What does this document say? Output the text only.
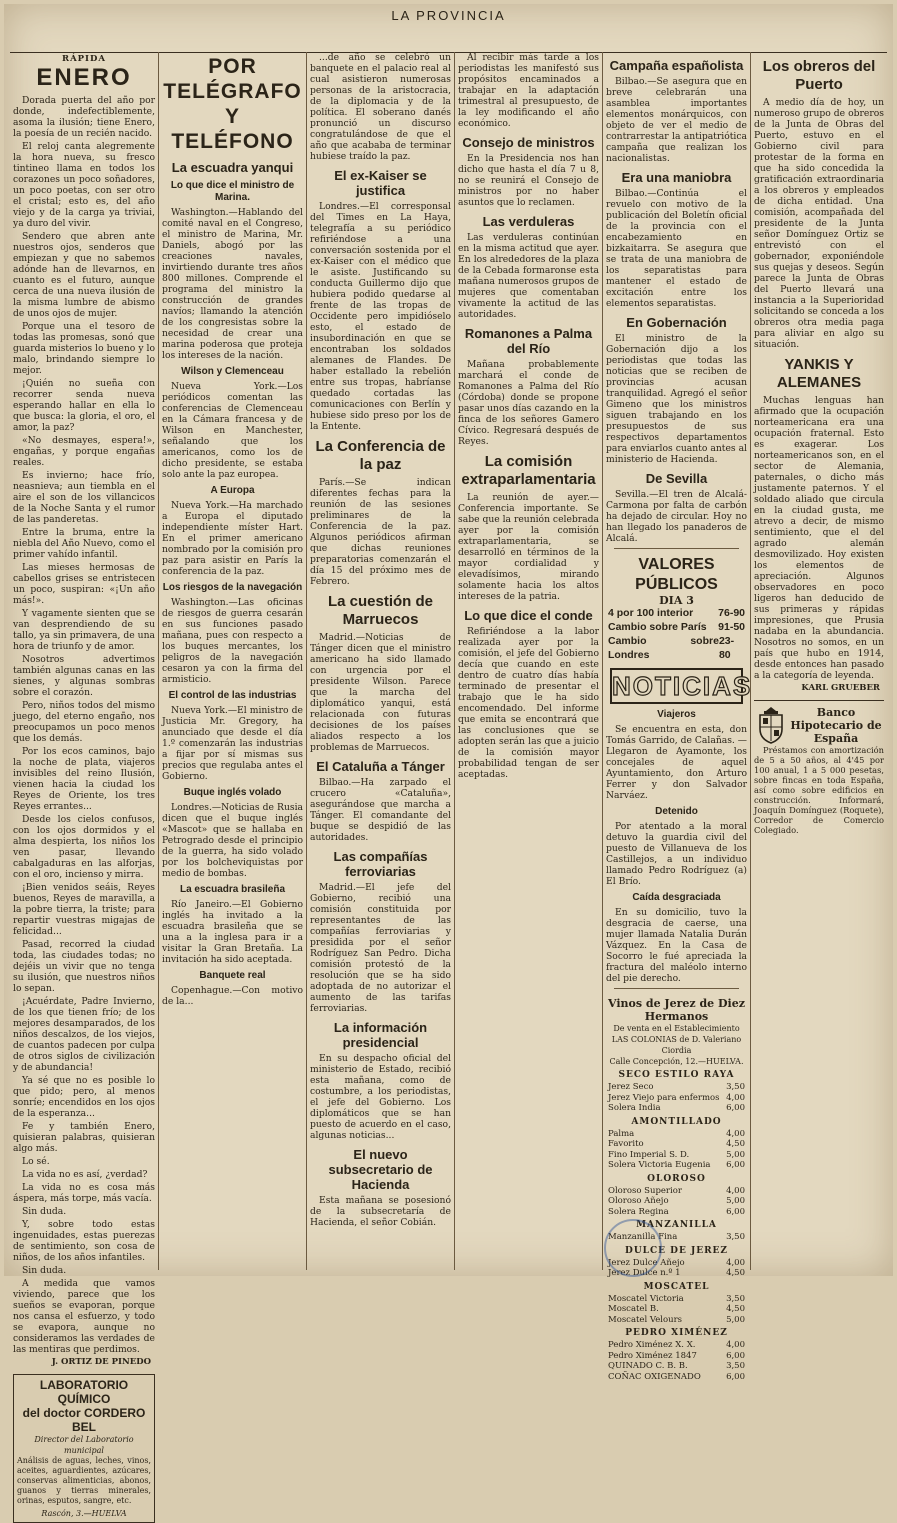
LA PROVINCIA
RÁPIDA
ENERO

Dorada puerta del año por donde, indefectiblemente, asoma la ilusión; tiene Enero, la poesía de un recién nacido.

El reloj canta alegremente la hora nueva, su fresco tintineo llama en todos los corazones un poco soñadores, un poco poetas, con ser otro el cristal; esto es, del año viejo y de la carga ya triviai, ya duro del vivir.

Sendero que abren ante nuestros ojos, senderos que empiezan y que no sabemos adónde han de llevarnos, en cuanto es el futuro, aunque cerca de una nueva ilusión de la misma lumbre de abismo de unos ojos de mujer.

Porque una el tesoro de todas las promesas, sonó que guarda misterios lo bueno y lo malo, brindando siempre lo mejor.

¡Quién no sueña con recorrer senda nueva esperando hallar en ella lo que busca: la gloria, el oro, el amor, la paz?

«No desmayes, espera!», engañas, y porque engañas reales.

Es invierno; hace frío, neasnieva; aun tiembla en el aire el son de los villancicos de la Noche Santa y el rumor de las panderetas.

Entre la bruma, entre la niebla del Año Nuevo, como el primer vahído infantil.

Las mieses hermosas de cabellos grises se entristecen un poco, suspiran: «¡Un año más!».

Y vagamente sienten que se van desprendiendo de su tallo, ya sin primavera, de una hora de triunfo y de amor.

Nosotros advertimos también algunas canas en las sienes, y algunas sombras sobre el corazón.

Pero, niños todos del mismo juego, del eterno engaño, nos preocupamos un poco menos que los demás.

Por los ecos caminos, bajo la noche de plata, viajeros invisibles del reino Ilusión, vienen hacia la ciudad los Reyes de Oriente, los tres Reyes errantes...

Desde los cielos confusos, con los ojos dormidos y el alma despierta, los niños los ven pasar, llevando cabalgaduras en las alforjas, con el oro, incienso y mirra.

¡Bien venidos seáis, Reyes buenos, Reyes de maravilla, a la pobre tierra, la triste; para repartir vuestras migajas de felicidad...

Pasad, recorred la ciudad toda, las ciudades todas; no dejéis un vivir que no tenga su ilusión, que nuestros niños lo sepan.

¡Acuérdate, Padre Invierno, de los que tienen frío; de los mejores desamparados, de los niños descalzos, de los viejos, de cuantos padecen por culpa de otros siglos de civilización y de abundancia!

Ya sé que no es posible lo que pido; pero, al menos sonríe; encendidos en los ojos de la esperanza...

Fe y también Enero, quisieran palabras, quisieran algo más.

Lo sé.

La vida no es así, ¿verdad?

La vida no es cosa más áspera, más torpe, más vacía.

Sin duda.

Y, sobre todo estas ingenuidades, estas puerezas de sentimiento, son cosa de niños, de los años infantiles.

Sin duda.

A medida que vamos viviendo, parece que los sueños se evaporan, porque nos cansa el esfuerzo, y todo se evapora, aunque no consideramos las verdades de las mentiras que perdimos.

J. ORTIZ DE PINEDO
LABORATORIO QUÍMICO
del doctor CORDERO BEL
Director del Laboratorio municipal

Análisis de aguas, leches, vinos, aceites, aguardientes, azúcares, conservas alimenticias, abonos, guanos y tierras minerales, orinas, esputos, sangre, etc.

Rascón, 3.—HUELVA
POR TELÉGRAFO
Y TELÉFONO
La escuadra yanqui
Lo que dice el ministro de Marina.

Washington.—Hablando del comité naval en el Congreso, el ministro de Marina, Mr. Daniels, abogó por las creaciones navales, invirtiendo durante tres años 800 millones. Comprende el programa del ministro la construcción de grandes navíos; llamando la atención de los congresistas sobre la necesidad de crear una marina poderosa que proteja los intereses de la nación.

Wilson y Clemenceau

Nueva York.—Los periódicos comentan las conferencias de Clemenceau en la Cámara francesa y de Wilson en Manchester, señalando que los americanos, como los de dicho presidente, se estaba solo ante la paz europea.

A Europa

Nueva York.—Ha marchado a Europa el diputado independiente míster Hart. En el primer americano nombrado por la comisión pro paz para asistir en París la conferencia de la paz.

Los riesgos de la navegación

Washington.—Las oficinas de riesgos de guerra cesarán en sus funciones pasado mañana, pues con respecto a los buques mercantes, los peligros de la navegación cesaron ya con la firma del armisticio.

El control de las industrias

Nueva York.—El ministro de Justicia Mr. Gregory, ha anunciado que desde el día 1.º comenzarán las industrias a fijar por sí mismas sus precios que regulaba antes el Gobierno.

Buque inglés volado

Londres.—Noticias de Rusia dicen que el buque inglés «Mascot» que se hallaba en Petrogrado desde el principio de la guerra, ha sido volado por los bolcheviquistas por medio de bombas.

La escuadra brasileña

Río Janeiro.—El Gobierno inglés ha invitado a la escuadra brasileña que se una a la inglesa para ir a visitar la Gran Bretaña. La invitación ha sido aceptada.

Banquete real

Copenhague.—Con motivo de la...

...de año se celebró un banquete en el palacio real al cual asistieron numerosas personas de la aristocracia, de la diplomacia y de la política. El soberano danés pronunció un discurso congratulándose de que el año que acababa de terminar hubiese traído la paz.

El ex-Kaiser se justifica

Londres.—El corresponsal del Times en La Haya, telegrafía a su periódico refiriéndose a una conversación sostenida por el ex-Kaiser con el médico que le asiste. Justificando su conducta Guillermo dijo que hubiera podido quedarse al frente de las tropas de Occidente pero impidióselo esto, el estado de insubordinación en que se encontraban los soldados alemanes de Flandes. De haber estallado la rebelión entre sus tropas, habríanse quedado cortadas las comunicaciones con Berlín y hubiese sido preso por los de la Entente.

La Conferencia de la paz

París.—Se indican diferentes fechas para la reunión de las sesiones preliminares de la Conferencia de la paz. Algunos periódicos afirman que dichas reuniones preparatorias comenzarán el día 15 del próximo mes de Febrero.

La cuestión de Marruecos

Madrid.—Noticias de Tánger dicen que el ministro americano ha sido llamado con urgencia por el presidente Wilson. Parece que la marcha del diplomático yanqui, está relacionada con futuras decisiones de los países aliados respecto a los problemas de Marruecos.

El Cataluña a Tánger

Bilbao.—Ha zarpado el crucero «Cataluña», asegurándose que marcha a Tánger. El comandante del buque se despidió de las autoridades.

Las compañías ferroviarias

Madrid.—El jefe del Gobierno, recibió una comisión constituida por representantes de las compañías ferroviarias y presidida por el señor Rodríguez San Pedro. Dicha comisión protestó de la resolución que se ha sido adoptada de no autorizar el aumento de las tarifas ferroviarias.

La información presidencial

En su despacho oficial del ministerio de Estado, recibió esta mañana, como de costumbre, a los periodistas, el jefe del Gobierno. Los diplomáticos que se han puesto de acuerdo en el caso, algunas noticias...

El nuevo subsecretario de Hacienda

Esta mañana se posesionó de la subsecretaría de Hacienda, el señor Cobián.

Al recibir más tarde a los periodistas les manifestó sus propósitos encaminados a trabajar en la adaptación trimestral al presupuesto, de la ley modificando el año económico.

Consejo de ministros

En la Presidencia nos han dicho que hasta el día 7 u 8, no se reunirá el Consejo de ministros por no haber asuntos que lo reclamen.

Las verduleras

Las verduleras continúan en la misma actitud que ayer. En los alrededores de la plaza de la Cebada formaronse esta mañana numerosos grupos de mujeres que comentaban vivamente la actitud de las autoridades.

Romanones a Palma del Río

Mañana probablemente marchará el conde de Romanones a Palma del Río (Córdoba) donde se propone pasar unos días cazando en la finca de los señores Gamero Cívico. Regresará después de Reyes.

La comisión extraparlamentaria

La reunión de ayer.—Conferencia importante. Se sabe que la reunión celebrada ayer por la comisión extraparlamentaria, se desarrolló en términos de la mayor cordialidad y elevadísimos, mirando solamente hacia los altos intereses de la patria.

Lo que dice el conde

Refiriéndose a la labor realizada ayer por la comisión, el jefe del Gobierno decía que cuando en este dentro de cuatro días había terminado de presentar el trabajo que le ha sido encomendado. Del informe que emita se encontrará que las conclusiones que se adopten serán las que a juicio de la comisión mayor probabilidad tengan de ser aceptadas.

Campaña españolista

Bilbao.—Se asegura que en breve celebrarán una asamblea importantes elementos monárquicos, con objeto de ver el medio de contrarrestar la antipatriótica campaña que realizan los nacionalistas.

Era una maniobra

Bilbao.—Continúa el revuelo con motivo de la publicación del Boletín oficial de la provincia con el encabezamiento en bizkaitarra. Se asegura que se trata de una maniobra de los separatistas para mantener el estado de excitación entre los elementos separatistas.

En Gobernación

El ministro de la Gobernación dijo a los periodistas que todas las noticias que se reciben de provincias acusan tranquilidad. Agregó el señor Gimeno que los ministros siguen trabajando en los presupuestos de sus respectivos departamentos para enviarlos cuanto antes al ministerio de Hacienda.

De Sevilla

Sevilla.—El tren de Alcalá-Carmona por falta de carbón ha dejado de circular. Hoy no han llegado los panaderos de Alcalá.

VALORES PÚBLICOS
DIA 3
4 por 100 interior 76-90
Cambio sobre París 91-50
Cambio sobre Londres
23-80
NOTICIAS
Viajeros

Se encuentra en esta, don Tomás Garrido, de Calañas. —Llegaron de Ayamonte, los concejales de aquel Ayuntamiento, don Arturo Ferrer y don Salvador Narváez.

Detenido

Por atentado a la moral detuvo la guardia civil del puesto de Villanueva de los Castillejos, a un individuo llamado Pedro Rodríguez (a) El Brío.

Caída desgraciada

En su domicilio, tuvo la desgracia de caerse, una mujer llamada Natalia Durán Vázquez. En la Casa de Socorro le fué apreciada la fractura del maléolo interno del pie derecho.

Vinos de Jerez de Diez Hermanos
De venta en el Establecimiento LAS COLONIAS de D. Valeriano Ciordia
Calle Concepción, 12.—HUELVA.
SECO ESTILO RAYA
Jerez Seco	3,50
Jerez Viejo para enfermos 4,00
Solera India	6,00
AMONTILLADO
Palma	4,00
Favorito	4,50
Fino Imperial S. D.	5,00
Solera Victoria Eugenia 6,00
OLOROSO
Oloroso Superior	4,00
Oloroso Añejo	5,00
Solera Regina	6,00
MANZANILLA
Manzanilla Fina	3,50
DULCE DE JEREZ
Jerez Dulce Añejo	4,00
Jerez Dulce n.º 1	4,50
MOSCATEL
Moscatel Victoria	3,50
Moscatel B.	4,50
Moscatel Velours	5,00
PEDRO XIMÉNEZ
Pedro Ximénez X. X.	4,00
Pedro Ximénez 1847	6,00
QUINADO C. B. B.	3,50
COÑAC OXIGENADO	6,00
Los obreros del Puerto

A medio día de hoy, un numeroso grupo de obreros de la Junta de Obras del Puerto, estuvo en el Gobierno civil para protestar de la forma en que ha sido concedida la gratificación extraordinaria a los obreros y empleados de dicha entidad. Una comisión, acompañada del presidente de la Junta señor Domínguez Ortiz se entrevistó con el gobernador, exponiéndole sus quejas y deseos. Según parece la Junta de Obras del Puerto llevará una instancia a la Superioridad solicitando se conceda a los obreros otra media paga para aliviar en algo su situación.

YANKIS Y ALEMANES

Muchas lenguas han afirmado que la ocupación norteamericana era una ocupación fraternal. Esto es exagerar. Los norteamericanos son, en el sector de Alemania, paternales, o dicho más justamente paternos. Y el soldado aliado que circula en la ciudad gusta, me atrevo a decir, de mismo sentimiento, que el del agrado alemán desmovilizado. Hoy existen los elementos de apreciación. Algunos observadores en poco ligeros han deducido de sus primeras y rápidas impresiones, que Prusia nadaba en la abundancia. Nosotros no somos, en un país que hubo en 1914, desde entonces han pasado a la categoría de leyenda.

KARL GRUEBER
Banco Hipotecario de España

Préstamos con amortización de 5 a 50 años, al 4'45 por 100 anual, 1 a 5 000 pesetas, sobre fincas en toda España, así como sobre edificios en construcción. Informará, Joaquín Domínguez (Roquete), Corredor de Comercio Colegiado.
